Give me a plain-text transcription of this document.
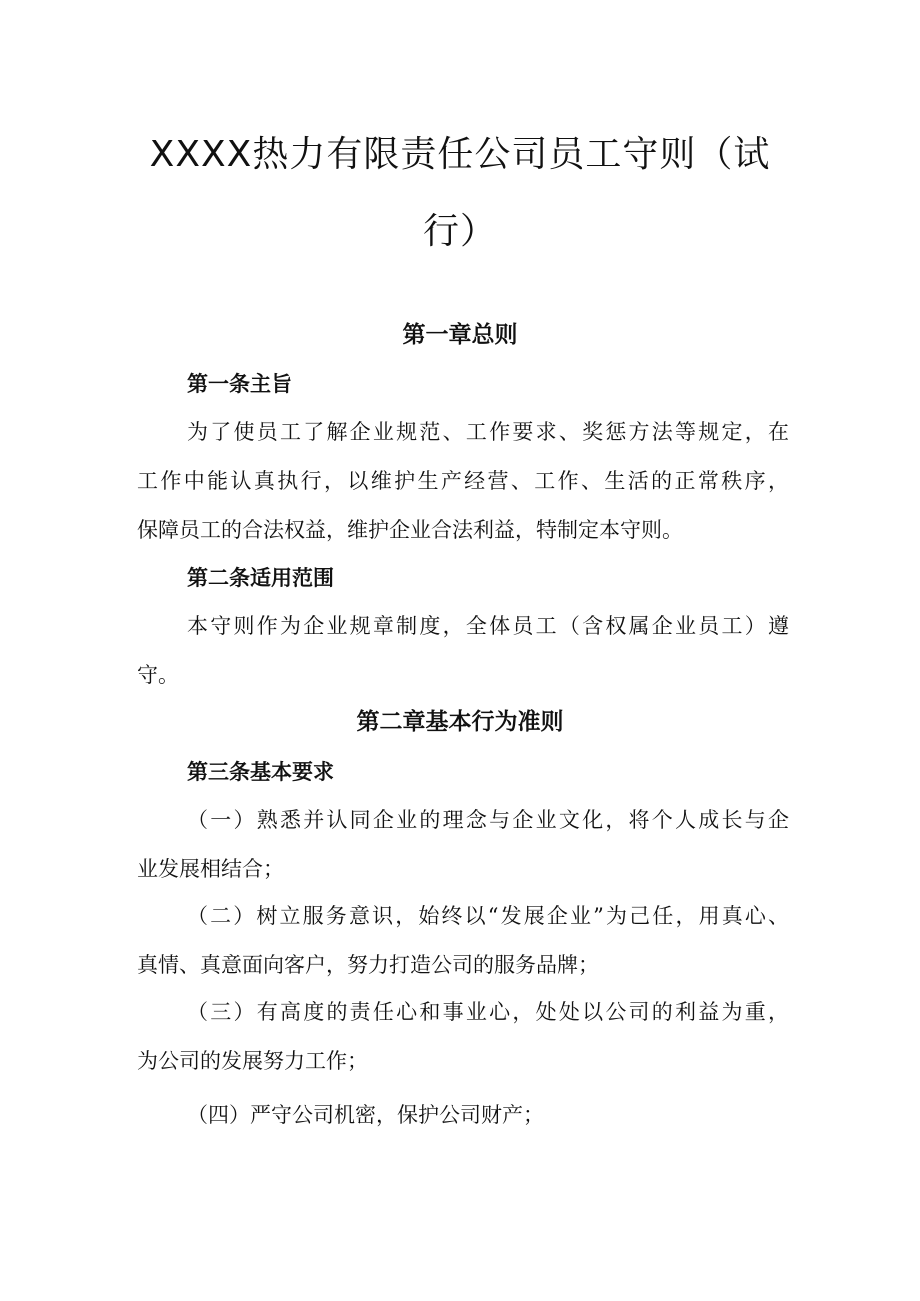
XXXX热力有限责任公司员工守则（试
行）
第一章总则
第一条主旨
为了使员工了解企业规范、工作要求、奖惩方法等规定，在
工作中能认真执行，以维护生产经营、工作、生活的正常秩序，
保障员工的合法权益，维护企业合法利益，特制定本守则。
第二条适用范围
本守则作为企业规章制度，全体员工（含权属企业员工）遵
守。
第二章基本行为准则
第三条基本要求
（一）熟悉并认同企业的理念与企业文化，将个人成长与企
业发展相结合；
（二）树立服务意识，始终以“发展企业”为己任，用真心、
真情、真意面向客户，努力打造公司的服务品牌；
（三）有高度的责任心和事业心，处处以公司的利益为重，
为公司的发展努力工作；
（四）严守公司机密，保护公司财产；
